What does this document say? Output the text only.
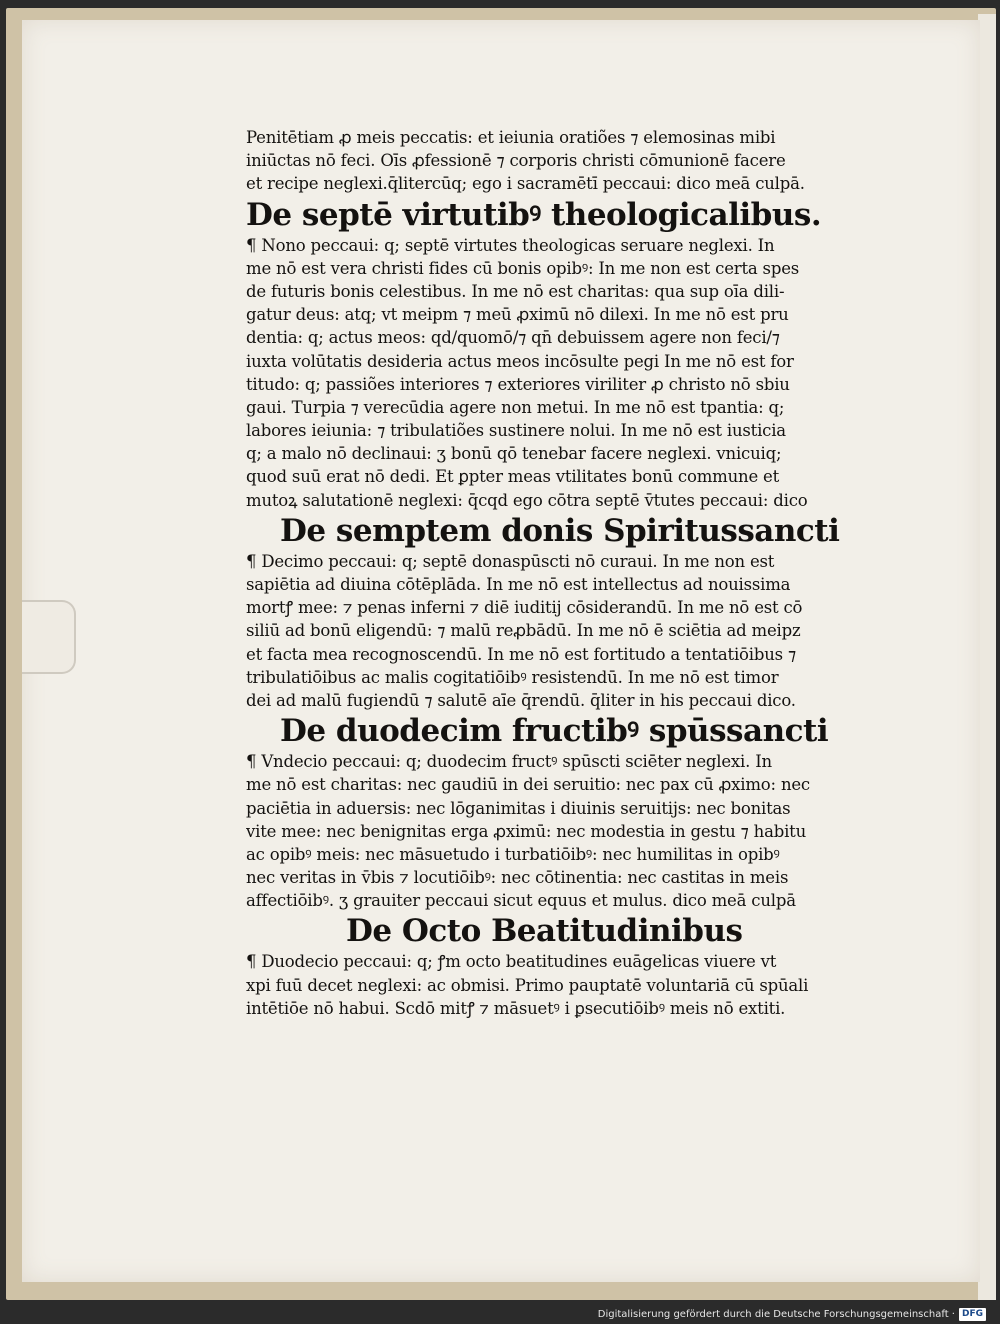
Penitētiam ꝓ meis peccatis: et ieiunia oratiões ⁊ elemosinas mibi
iniūctas nō feci. Oīs ꝓfessionē ⁊ corporis christi cōmunionē facere
et recipe neglexi.q̄litercūq; ego i sacramētī peccaui: dico meā culpā.
De septē virtutibꝰ theologicalibus.
¶ Nono peccaui: q; septē virtutes theologicas seruare neglexi. In
me nō est vera christi fides cū bonis opibꝰ: In me non est certa spes
de futuris bonis celestibus. In me nō est charitas: qua sup oīa dili-
gatur deus: atq; vt meipm ⁊ meū ꝓximū nō dilexi. In me nō est pru
dentia: q; actus meos: qd/quomō/⁊ qn̄ debuissem agere non feci/⁊
iuxta volūtatis desideria actus meos incōsulte pegi In me nō est for
titudo: q; passiões interiores ⁊ exteriores viriliter ꝓ christo nō sbiu
gaui. Turpia ⁊ verecūdia agere non metui. In me nō est tpantia: q;
labores ieiunia: ⁊ tribulatiões sustinere nolui. In me nō est iusticia
q; a malo nō declinaui: ʒ bonū qō tenebar facere neglexi. vnicuiq;
quod suū erat nō dedi. Et ꝑpter meas vtilitates bonū commune et
mutoꝝ salutationē neglexi: q̄cqd ego cōtra septē v̄tutes peccaui: dico
De semptem donis Spiritussancti
¶ Decimo peccaui: q; septē donaspūscti nō curaui. In me non est
sapiētia ad diuina cōtēplāda. In me nō est intellectus ad nouissima
mortꝭ mee: ⁊ penas inferni ⁊ diē iuditij cōsiderandū. In me nō est cō
siliū ad bonū eligendū: ⁊ malū reꝓbādū. In me nō ē sciētia ad meipz
et facta mea recognoscendū. In me nō est fortitudo a tentatiōibus ⁊
tribulatiōibus ac malis cogitatiōibꝰ resistendū. In me nō est timor
dei ad malū fugiendū ⁊ salutē aīe q̄rendū. q̄liter in his peccaui dico.
De duodecim fructibꝰ spūssancti
¶ Vndecio peccaui: q; duodecim fructꝰ spūscti sciēter neglexi. In
me nō est charitas: nec gaudiū in dei seruitio: nec pax cū ꝓximo: nec
paciētia in aduersis: nec lōganimitas i diuinis seruitijs: nec bonitas
vite mee: nec benignitas erga ꝓximū: nec modestia in gestu ⁊ habitu
ac opibꝰ meis: nec māsuetudo i turbatiōibꝰ: nec humilitas in opibꝰ
nec veritas in v̄bis ⁊ locutiōibꝰ: nec cōtinentia: nec castitas in meis
affectiōibꝰ. ʒ grauiter peccaui sicut equus et mulus. dico meā culpā
De Octo Beatitudinibus
¶ Duodecio peccaui: q; ꝭm octo beatitudines euāgelicas viuere vt
xpi fuū decet neglexi: ac obmisi. Primo pauptatē voluntariā cū spūali
intētiōe nō habui. Scdō mitꝭ ⁊ māsuetꝰ i ꝑsecutiōibꝰ meis nō extiti.
Digitalisierung gefördert durch die Deutsche Forschungsgemeinschaft · DFG
